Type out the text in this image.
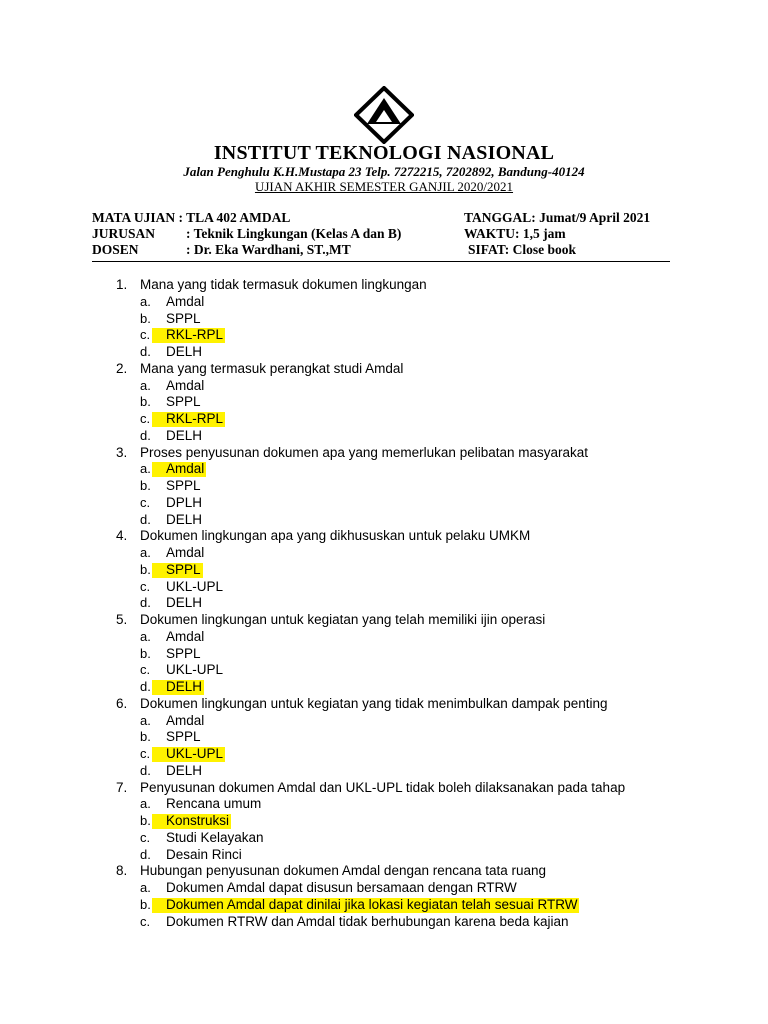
INSTITUT TEKNOLOGI NASIONAL
Jalan Penghulu K.H.Mustapa 23 Telp. 7272215, 7202892, Bandung-40124
UJIAN AKHIR SEMESTER GANJIL 2020/2021
MATA UJIAN : TLA 402 AMDAL
JURUSAN : Teknik Lingkungan (Kelas A dan B)
DOSEN	: Dr. Eka Wardhani, ST.,MT
TANGGAL: Jumat/9 April 2021
WAKTU: 1,5 jam
SIFAT: Close book
1. Mana yang tidak termasuk dokumen lingkungan
a. Amdal
b. SPPL
c. RKL-RPL
d. DELH
2. Mana yang termasuk perangkat studi Amdal
a. Amdal
b. SPPL
c. RKL-RPL
d. DELH
3. Proses penyusunan dokumen apa yang memerlukan pelibatan masyarakat
a. Amdal
b. SPPL
c. DPLH
d. DELH
4. Dokumen lingkungan apa yang dikhususkan untuk pelaku UMKM
a. Amdal
b. SPPL
c. UKL-UPL
d. DELH
5. Dokumen lingkungan untuk kegiatan yang telah memiliki ijin operasi
a. Amdal
b. SPPL
c. UKL-UPL
d. DELH
6. Dokumen lingkungan untuk kegiatan yang tidak menimbulkan dampak penting
a. Amdal
b. SPPL
c. UKL-UPL
d. DELH
7. Penyusunan dokumen Amdal dan UKL-UPL tidak boleh dilaksanakan pada tahap
a. Rencana umum
b. Konstruksi
c. Studi Kelayakan
d. Desain Rinci
8. Hubungan penyusunan dokumen Amdal dengan rencana tata ruang
a. Dokumen Amdal dapat disusun bersamaan dengan RTRW
b. Dokumen Amdal dapat dinilai jika lokasi kegiatan telah sesuai RTRW
c. Dokumen RTRW dan Amdal tidak berhubungan karena beda kajian
